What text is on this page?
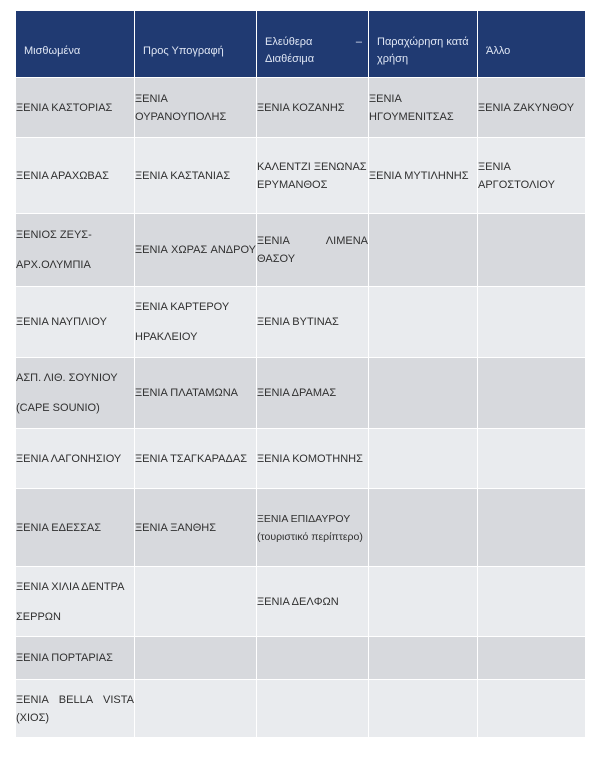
Μισθωμένα	Προς Υπογραφή	Ελεύθερα – Διαθέσιμα	Παραχώρηση κατά χρήση	Άλλο

ΞΕΝΙΑ ΚΑΣΤΟΡΙΑΣ	ΞΕΝΙΑ ΟΥΡΑΝΟΥΠΟΛΗΣ	ΞΕΝΙΑ ΚΟΖΑΝΗΣ	ΞΕΝΙΑ ΗΓΟΥΜΕΝΙΤΣΑΣ	ΞΕΝΙΑ ΖΑΚΥΝΘΟΥ

ΞΕΝΙΑ ΑΡΑΧΩΒΑΣ	ΞΕΝΙΑ ΚΑΣΤΑΝΙΑΣ	ΚΑΛΕΝΤΖΙ ΞΕΝΩΝΑΣ ΕΡΥΜΑΝΘΟΣ	ΞΕΝΙΑ ΜΥΤΙΛΗΝΗΣ	ΞΕΝΙΑ ΑΡΓΟΣΤΟΛΙΟΥ

ΞΕΝΙΟΣ ΖΕΥΣ-ΑΡΧ.ΟΛΥΜΠΙΑ	ΞΕΝΙΑ ΧΩΡΑΣ ΑΝΔΡΟΥ	ΞΕΝΙΑ ΛΙΜΕΝΑ ΘΑΣΟΥ		

ΞΕΝΙΑ ΝΑΥΠΛΙΟΥ	ΞΕΝΙΑ ΚΑΡΤΕΡΟΥ ΗΡΑΚΛΕΙΟΥ	ΞΕΝΙΑ ΒΥΤΙΝΑΣ		

ΑΣΠ. ΛΙΘ. ΣΟΥΝΙΟΥ (CAPE SOUNIO)	ΞΕΝΙΑ ΠΛΑΤΑΜΩΝΑ	ΞΕΝΙΑ ΔΡΑΜΑΣ		

ΞΕΝΙΑ ΛΑΓΟΝΗΣΙΟΥ	ΞΕΝΙΑ ΤΣΑΓΚΑΡΑΔΑΣ	ΞΕΝΙΑ ΚΟΜΟΤΗΝΗΣ		

ΞΕΝΙΑ ΕΔΕΣΣΑΣ	ΞΕΝΙΑ ΞΑΝΘΗΣ	ΞΕΝΙΑ ΕΠΙΔΑΥΡΟΥ (τουριστικό περίπτερο)		

ΞΕΝΙΑ ΧΙΛΙΑ ΔΕΝΤΡΑ ΣΕΡΡΩΝ		ΞΕΝΙΑ ΔΕΛΦΩΝ		

ΞΕΝΙΑ ΠΟΡΤΑΡΙΑΣ				

ΞΕΝΙΑ BELLA VISTA (ΧΙΟΣ)				
